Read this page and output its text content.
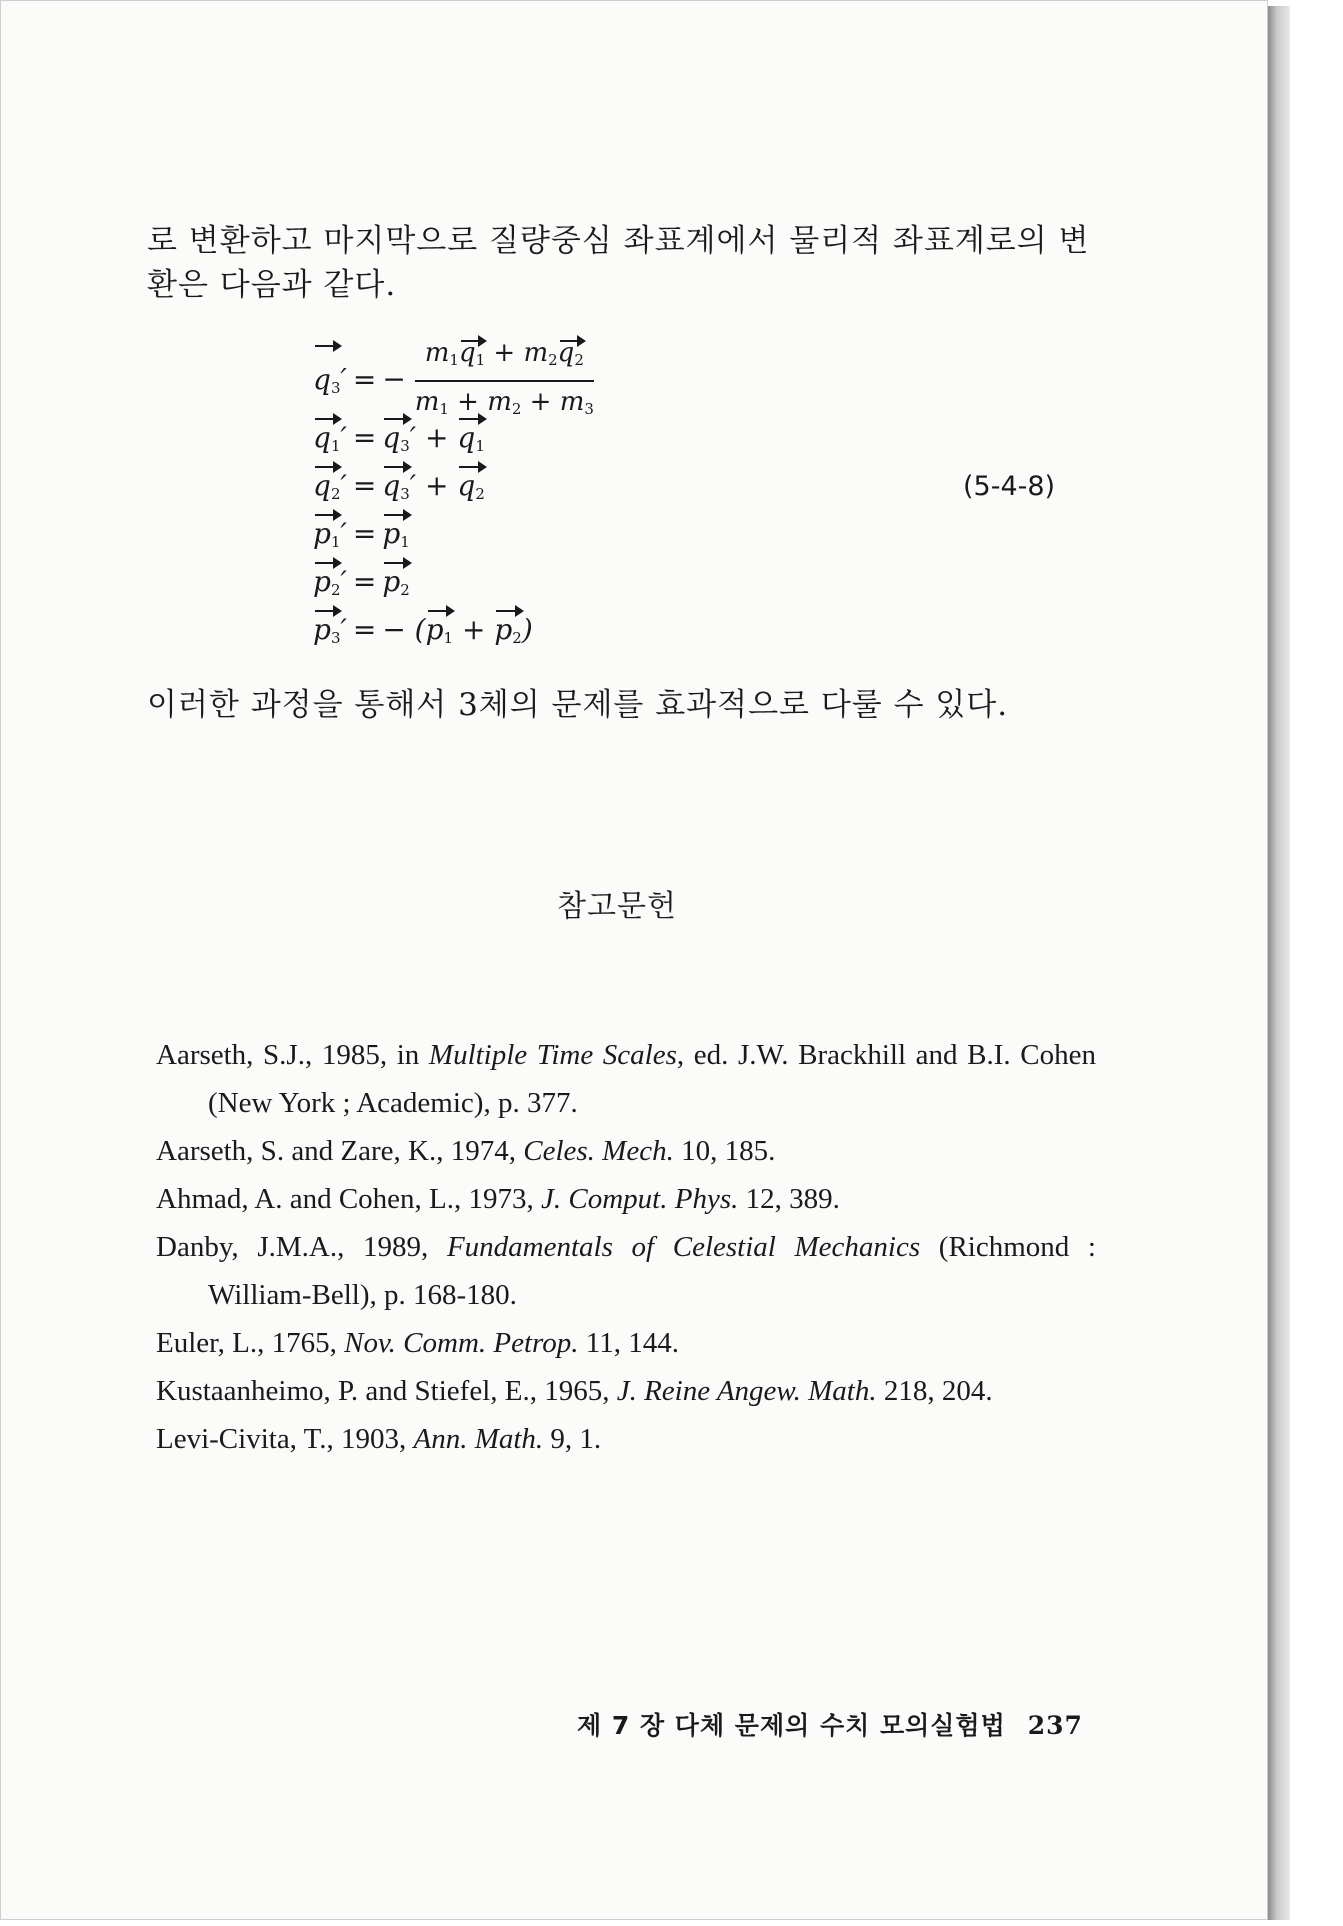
로 변환하고 마지막으로 질량중심 좌표계에서 물리적 좌표계로의 변환은 다음과 같다.
$q_3'$ = − $\frac{m_1q_1 + m_2q_2}{m_1 + m_2 + m_3}$
$q_1' = q_3' + q_1$
$q_2' = q_3' + q_2$
$p_1' = p_1$
$p_2' = p_2$
$p_3'$ = − $(p_1 + p_2)$
(5-4-8)
이러한 과정을 통해서 3체의 문제를 효과적으로 다룰 수 있다.
참고문헌
Aarseth, S.J., 1985, in Multiple Time Scales, ed. J.W. Brackhill and B.I. Cohen (New York ; Academic), p. 377.
Aarseth, S. and Zare, K., 1974, Celes. Mech. 10, 185.
Ahmad, A. and Cohen, L., 1973, J. Comput. Phys. 12, 389.
Danby, J.M.A., 1989, Fundamentals of Celestial Mechanics (Richmond : William-Bell), p. 168-180.
Euler, L., 1765, Nov. Comm. Petrop. 11, 144.
Kustaanheimo, P. and Stiefel, E., 1965, J. Reine Angew. Math. 218, 204.
Levi-Civita, T., 1903, Ann. Math. 9, 1.
제 7 장 다체 문제의 수치 모의실험법 237
